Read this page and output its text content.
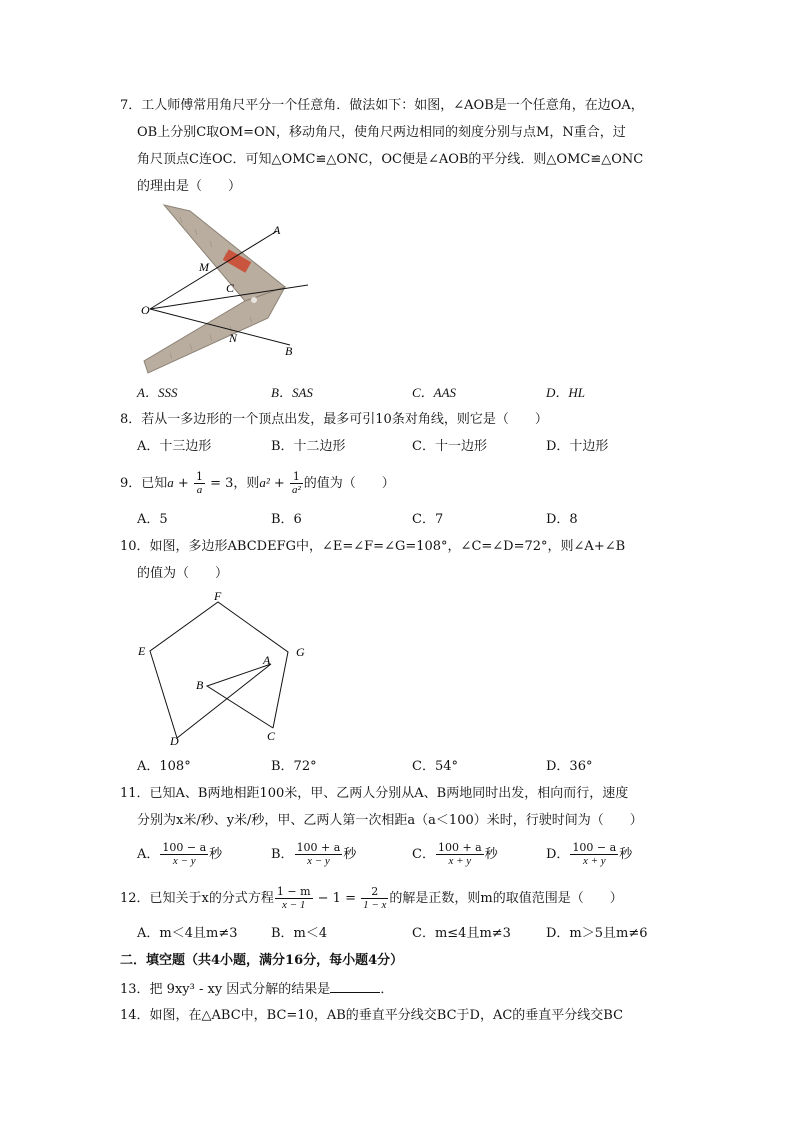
7．工人师傅常用角尺平分一个任意角．做法如下：如图，∠AOB是一个任意角，在边OA，
OB上分别C取OM=ON，移动角尺，使角尺两边相同的刻度分别与点M，N重合，过
角尺顶点C连OC．可知△OMC≌△ONC，OC便是∠AOB的平分线．则△OMC≌△ONC
的理由是（　　）
A
M
C
O
N
B
A．SSS	B．SAS	C．AAS	D．HL
8．若从一多边形的一个顶点出发，最多可引10条对角线，则它是（　　）
A．十三边形	B．十二边形	C．十一边形	D．十边形
9．已知$a + \frac{1}{a} = 3$，则$a^2 + \frac{1}{\text{a²}}$ 的值为（　　）
A．5	B．6	C．7	D．8
10．如图，多边形ABCDEFG中，∠E=∠F=∠G=108°，∠C=∠D=72°，则∠A+∠B
的值为（　　）
F
E	G
A
B
D	C
A．108°	B．72°	C．54°	D．36°
11．已知A、B两地相距100米，甲、乙两人分别从A、B两地同时出发，相向而行，速度
分别为x米/秒、y米/秒，甲、乙两人第一次相距a（a＜100）米时，行驶时间为（　　）
A． $\frac{100 - a}{x - y}$ 秒	B． $\frac{100 + a}{x - y}$ 秒	C． $\frac{100 + a}{x + y}$ 秒	D． $\frac{100 - a}{x + y}$ 秒
12．已知关于x的分式方程 $\frac{1 - m}{x - 1} - 1 = \frac{2}{1 - x}$ 的解是正数，则m的取值范围是（　　）
A．m＜4且m≠3	B．m＜4	C．m≤4且m≠3	D．m＞5且m≠6
二．填空题（共4小题，满分16分，每小题4分）
13．把 9xy³ - xy 因式分解的结果是	．
14．如图，在△ABC中，BC=10，AB的垂直平分线交BC于D，AC的垂直平分线交BC
